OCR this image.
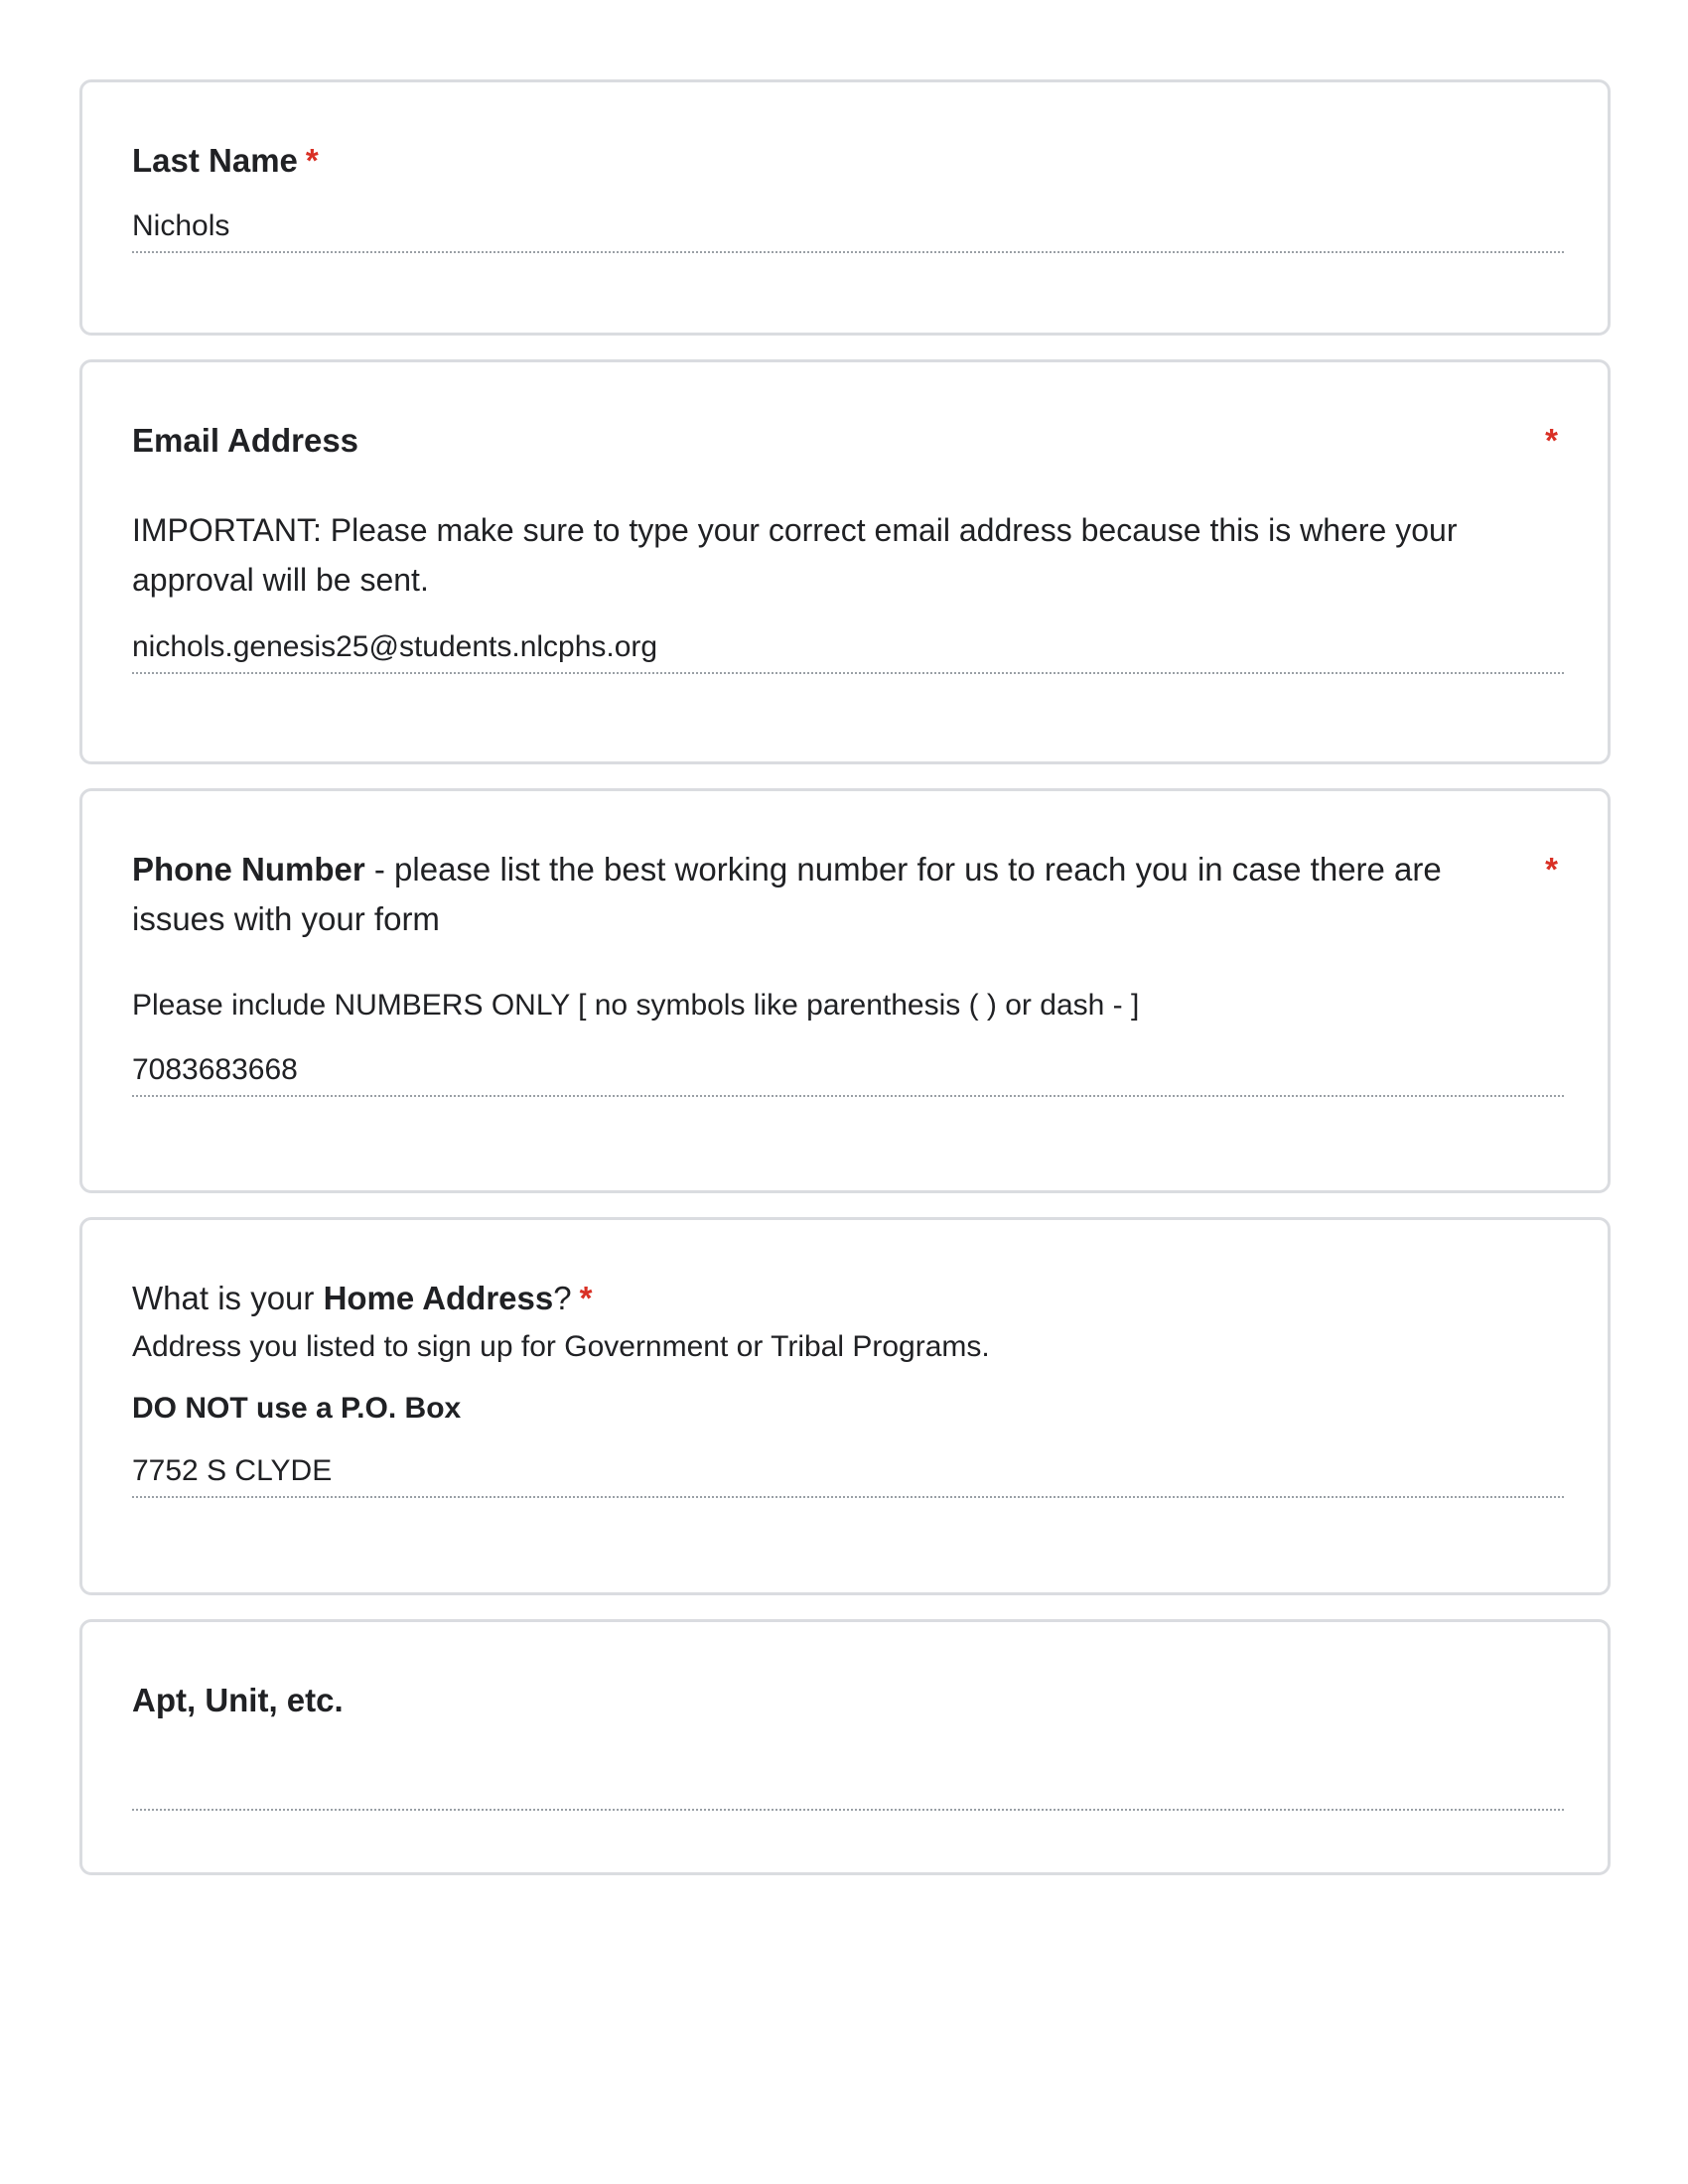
Last Name *

Nichols

Email Address	*

IMPORTANT: Please make sure to type your correct email address because this is where your approval will be sent.

nichols.genesis25@students.nlcphs.org

Phone Number - please list the best working number for us to reach you in case there are issues with your form

*

Please include NUMBERS ONLY [ no symbols like parenthesis ( ) or dash - ]

7083683668

What is your Home Address? *

Address you listed to sign up for Government or Tribal Programs.

DO NOT use a P.O. Box

7752 S CLYDE

Apt, Unit, etc.
